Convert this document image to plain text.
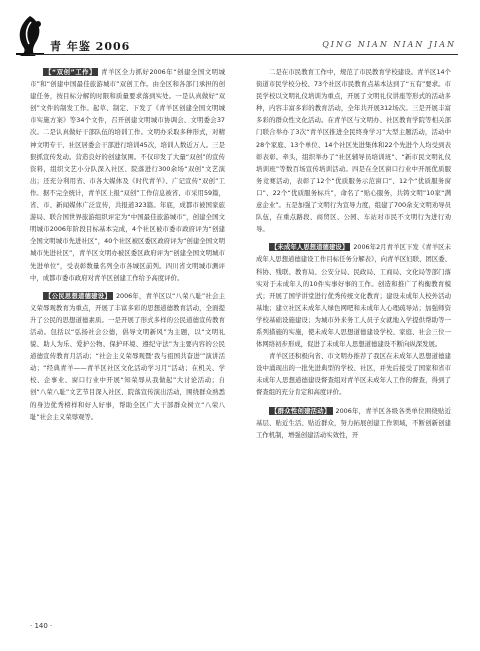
青 年鉴 2006	QING NIAN NIAN JIAN

【“双创”工作】 青羊区全力抓好2006年“创建全国文明城市”和“创建中国最佳旅游城市”双创工作。由全区和各部门承担的创建任务，按目标分解的时限和质量要求落到实处。一是认真做好“双创”文件的制发工作。起草、制定、下发了《青羊区创建全国文明城市实施方案》等34个文件，召开创建文明城市协调会、文明委会37次。二是认真做好干部队伍的培训工作。文明办采取多种形式，对精神文明专干、社区居委会干部进行培训45次，培训人数近万人。三是狠抓宣传发动。营造良好的创建氛围。不仅印发了大量“双创”的宣传资料，组织文艺小分队深入社区、院落进行300余场“双创”文艺演出；还充分利用省、市各大媒体及《时代青羊》、广记宣传“双创”工作。据不完全统计，青羊区上报“双创”工作信息被省、市采用59篇，省、市、新闻媒体广泛宣传，共报道323篇。年底，成都市被国家旅游局、联合国世界旅游组织评定为“中国最佳旅游城市”，创建全国文明城市2006年阶段目标基本完成，4个社区被市委市政府评为“创建全国文明城市先进社区”，40个社区被区委区政府评为“创建全国文明城市先进社区”，青羊区文明办被区委区政府评为“创建全国文明城市先进单位”，受表彰数量名列全市各城区前列。四川省文明城市测评中，成都市委市政府对青羊区创建工作给予高度评价。

【公民思想道德建设】 2006年，青羊区以“八荣八耻”社会主义荣辱观教育为重点，开展了丰富多彩的思想道德教育活动，全面提升了公民的思想道德素质。一是开展了形式多样的公民道德宣传教育活动。包括以“弘扬社会公德，倡导文明新风”为主题，以“文明礼貌、助人为乐、爱护公物、保护环境、遵纪守法”为主要内容的公民道德宣传教育月活动；“社会主义荣辱观暨‘我与祖国共奋进’”演讲活动；“经典青羊——青羊区社区文化活动学习月”活动；在机关、学校、企事业、窗口行业中开展“知荣辱从我做起”大讨论活动；自创“八荣八耻”文艺节目深入社区、院落宣传演出活动，围绕群众熟悉的身边优秀榜样和好人好事，帮助全区广大干部群众树立“八荣八耻”社会主义荣辱观等。

二是在市民教育工作中，规范了市民教育学校建设。青羊区14个街道市民学校分校、73个社区市民教育点基本达到了“五有”要求。市民学校以文明礼仪培训为重点，开展了文明礼仪讲座等形式的活动多种，内容丰富多彩的教育活动，全年共开展312场次。三是开展丰富多彩的群众性文化活动。在青羊区与文明办、社区教育学院等相关部门联合举办了3次“青羊区推进全民终身学习”大型主题活动，活动中28个家庭、13个单位、14个社区先进集体和22个先进个人均受到表彰表彰。牵头，组织举办了“社区辅导员培训班”、“新市民文明礼仪培训班”等数百场宣传培训活动。四是在全区窗口行业中开展优质服务竞赛活动，表彰了12个“优质服务示范窗口”、12个“优质服务窗口”、22个“优质服务标兵”，命名了“贴心服务，共铸文明”10家“满意企业”。五是加强了文明行为宣导力度，组建了700余支文明劝导员队伍，在重点路段、商贸区、公园、车站对市民不文明行为进行劝导。

【未成年人思想道德建设】 2006年2月青羊区下发《青羊区未成年人思想道德建设工作目标任务分解表》，向青羊区妇联、团区委、科协、残联、教育局、公安分局、民政局、工商局、文化局等部门落实对于未成年人的10件实事好事的工作。创造和推广了构衡教育模式；开展了国学讲堂进行优秀传统文化教育；建设未成年人校外活动基地；建立社区未成年人绿色网吧和未成年人心理疏导站；加强师资学校基础设施建设；为城市外来务工人员子女就地入学提供帮助等一系列措施的实施，使未成年人思想道德建设学校、家庭、社会三位一体网络初步形成，促进了未成年人思想道德建设不断向纵深发展。

青羊区还积极向省、市文明办推荐了我区在未成年人思想道德建设中涌现出的一批先进典型的学校、社区，并先后接受了国家和省市未成年人思想道德建设督查组对青羊区未成年人工作的督查，得到了督查组的充分肯定和高度评价。

【群众性创建活动】 2006年，青羊区各级各类单位围绕贴近基层、贴近生活、贴近群众，努力拓展创建工作领域，不断创新创建工作机制，增强创建活动实效性，开

· 140 ·
